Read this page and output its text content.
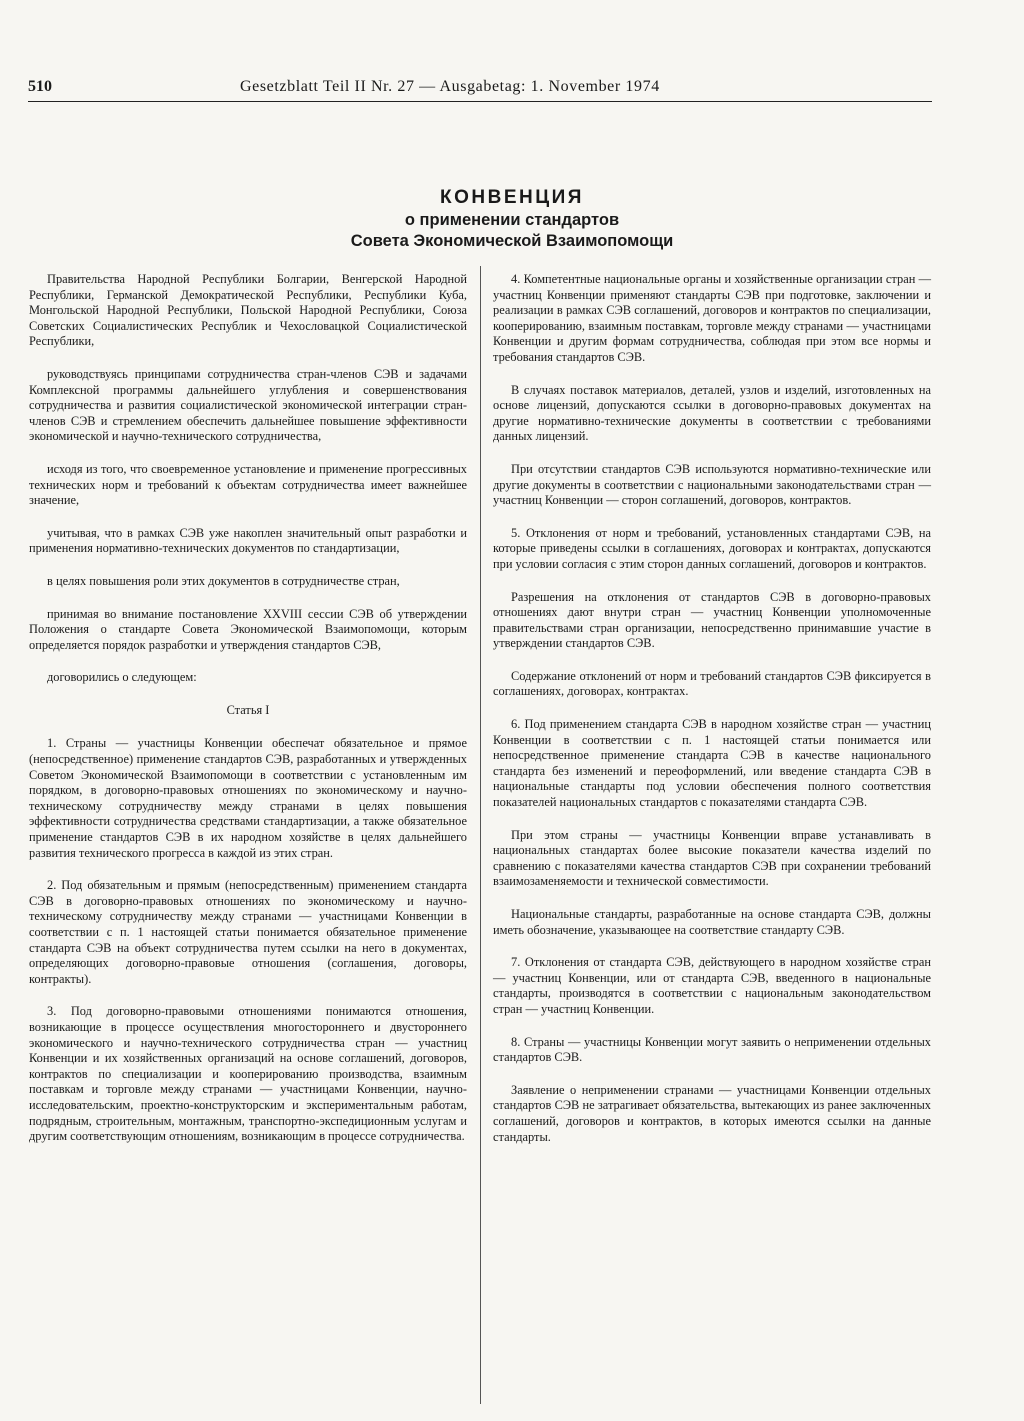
510	Gesetzblatt Teil II Nr. 27 — Ausgabetag: 1. November 1974
КОНВЕНЦИЯ
о применении стандартов
Совета Экономической Взаимопомощи

Правительства Народной Республики Болгарии, Венгерской Народной Республики, Германской Демократической Республики, Республики Куба, Монгольской Народной Республики, Польской Народной Республики, Союза Советских Социалистических Республик и Чехословацкой Социалистической Республики,

руководствуясь принципами сотрудничества стран-членов СЭВ и задачами Комплексной программы дальнейшего углубления и совершенствования сотрудничества и развития социалистической экономической интеграции стран-членов СЭВ и стремлением обеспечить дальнейшее повышение эффективности экономической и научно-технического сотрудничества,

исходя из того, что своевременное установление и применение прогрессивных технических норм и требований к объектам сотрудничества имеет важнейшее значение,

учитывая, что в рамках СЭВ уже накоплен значительный опыт разработки и применения нормативно-технических документов по стандартизации,

в целях повышения роли этих документов в сотрудничестве стран,

принимая во внимание постановление XXVIII сессии СЭВ об утверждении Положения о стандарте Совета Экономической Взаимопомощи, которым определяется порядок разработки и утверждения стандартов СЭВ,

договорились о следующем:

Статья I

1. Страны — участницы Конвенции обеспечат обязательное и прямое (непосредственное) применение стандартов СЭВ, разработанных и утвержденных Советом Экономической Взаимопомощи в соответствии с установленным им порядком, в договорно-правовых отношениях по экономическому и научно-техническому сотрудничеству между странами в целях повышения эффективности сотрудничества средствами стандартизации, а также обязательное применение стандартов СЭВ в их народном хозяйстве в целях дальнейшего развития технического прогресса в каждой из этих стран.

2. Под обязательным и прямым (непосредственным) применением стандарта СЭВ в договорно-правовых отношениях по экономическому и научно-техническому сотрудничеству между странами — участницами Конвенции в соответствии с п. 1 настоящей статьи понимается обязательное применение стандарта СЭВ на объект сотрудничества путем ссылки на него в документах, определяющих договорно-правовые отношения (соглашения, договоры, контракты).

3. Под договорно-правовыми отношениями понимаются отношения, возникающие в процессе осуществления многостороннего и двустороннего экономического и научно-технического сотрудничества стран — участниц Конвенции и их хозяйственных организаций на основе соглашений, договоров, контрактов по специализации и кооперированию производства, взаимным поставкам и торговле между странами — участницами Конвенции, научно-исследовательским, проектно-конструкторским и экспериментальным работам, подрядным, строительным, монтажным, транспортно-экспедиционным услугам и другим соответствующим отношениям, возникающим в процессе сотрудничества.

4. Компетентные национальные органы и хозяйственные организации стран — участниц Конвенции применяют стандарты СЭВ при подготовке, заключении и реализации в рамках СЭВ соглашений, договоров и контрактов по специализации, кооперированию, взаимным поставкам, торговле между странами — участницами Конвенции и другим формам сотрудничества, соблюдая при этом все нормы и требования стандартов СЭВ.

В случаях поставок материалов, деталей, узлов и изделий, изготовленных на основе лицензий, допускаются ссылки в договорно-правовых документах на другие нормативно-технические документы в соответствии с требованиями данных лицензий.

При отсутствии стандартов СЭВ используются нормативно-технические или другие документы в соответствии с национальными законодательствами стран — участниц Конвенции — сторон соглашений, договоров, контрактов.

5. Отклонения от норм и требований, установленных стандартами СЭВ, на которые приведены ссылки в соглашениях, договорах и контрактах, допускаются при условии согласия с этим сторон данных соглашений, договоров и контрактов.

Разрешения на отклонения от стандартов СЭВ в договорно-правовых отношениях дают внутри стран — участниц Конвенции уполномоченные правительствами стран организации, непосредственно принимавшие участие в утверждении стандартов СЭВ.

Содержание отклонений от норм и требований стандартов СЭВ фиксируется в соглашениях, договорах, контрактах.

6. Под применением стандарта СЭВ в народном хозяйстве стран — участниц Конвенции в соответствии с п. 1 настоящей статьи понимается или непосредственное применение стандарта СЭВ в качестве национального стандарта без изменений и переоформлений, или введение стандарта СЭВ в национальные стандарты под условии обеспечения полного соответствия показателей национальных стандартов с показателями стандарта СЭВ.

При этом страны — участницы Конвенции вправе устанавливать в национальных стандартах более высокие показатели качества изделий по сравнению с показателями качества стандартов СЭВ при сохранении требований взаимозаменяемости и технической совместимости.

Национальные стандарты, разработанные на основе стандарта СЭВ, должны иметь обозначение, указывающее на соответствие стандарту СЭВ.

7. Отклонения от стандарта СЭВ, действующего в народном хозяйстве стран — участниц Конвенции, или от стандарта СЭВ, введенного в национальные стандарты, производятся в соответствии с национальным законодательством стран — участниц Конвенции.

8. Страны — участницы Конвенции могут заявить о неприменении отдельных стандартов СЭВ.

Заявление о неприменении странами — участницами Конвенции отдельных стандартов СЭВ не затрагивает обязательства, вытекающих из ранее заключенных соглашений, договоров и контрактов, в которых имеются ссылки на данные стандарты.
